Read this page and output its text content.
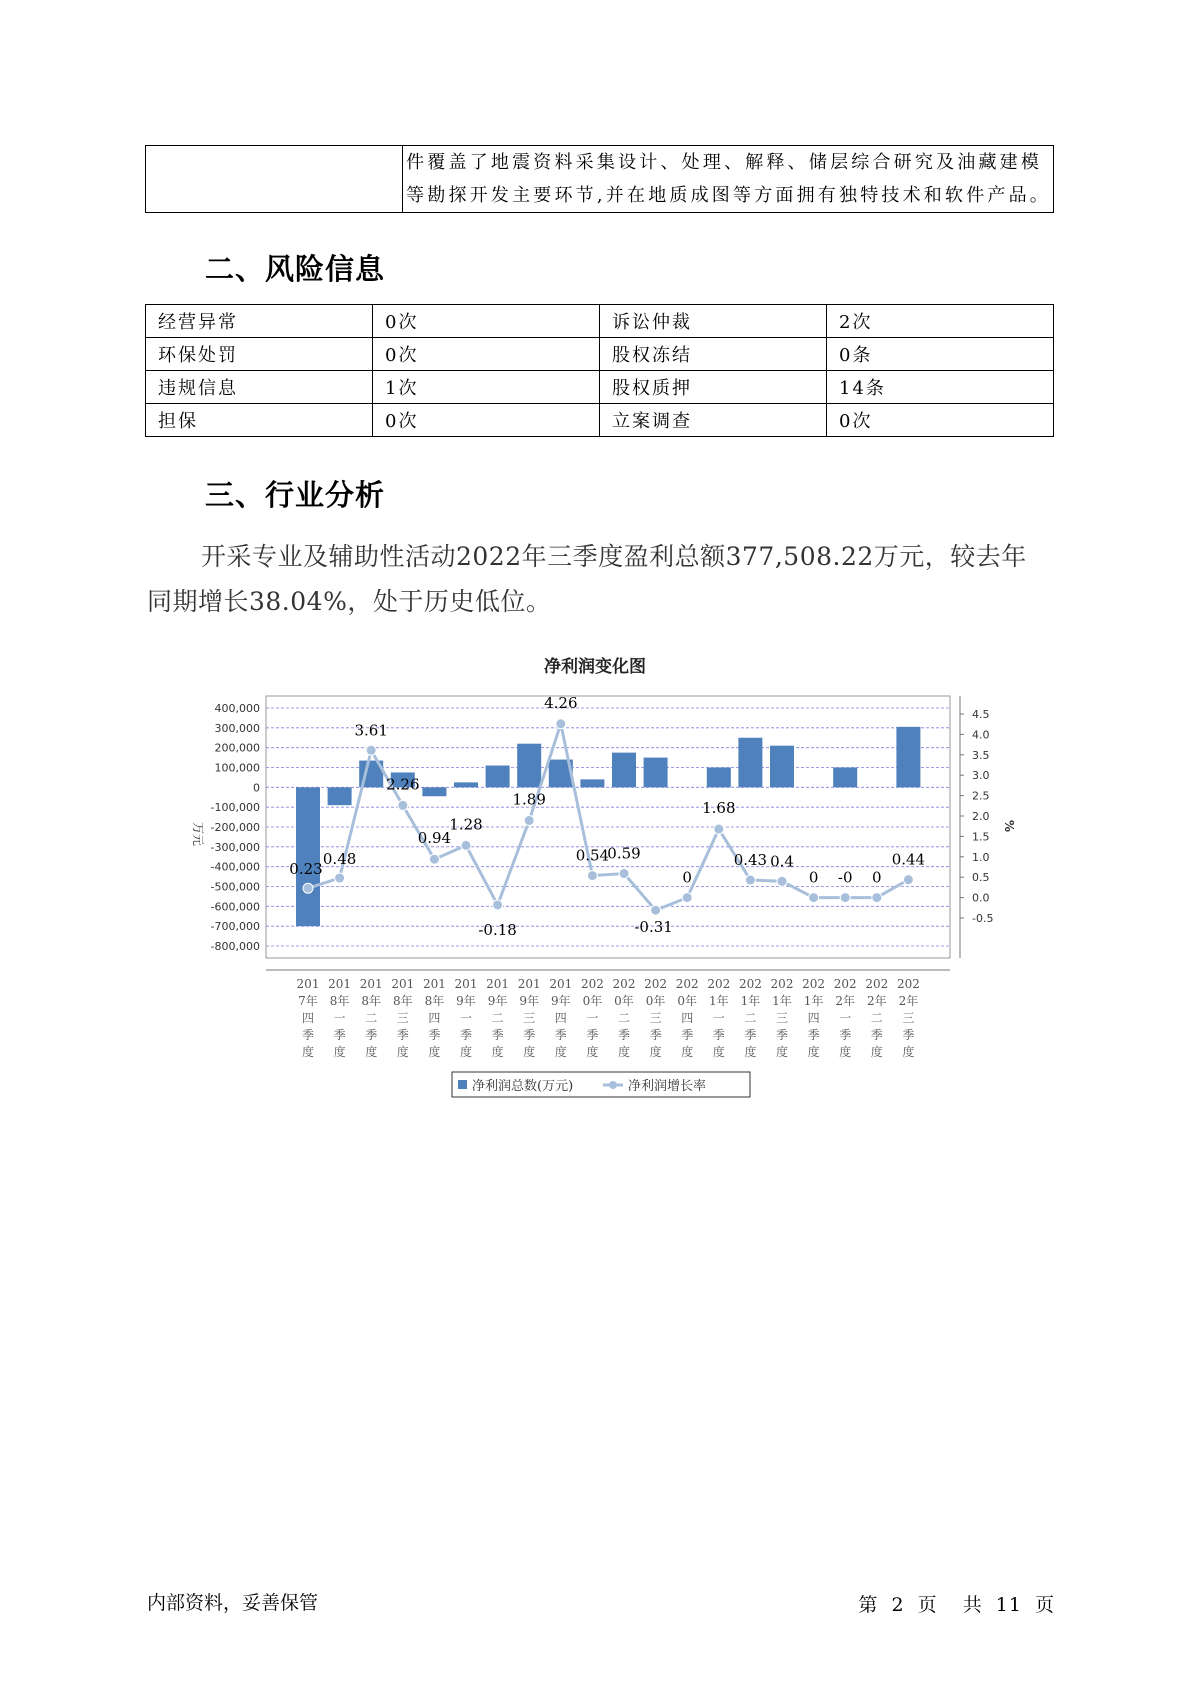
件覆盖了地震资料采集设计、处理、解释、储层综合研究及油藏建模
等勘探开发主要环节,并在地质成图等方面拥有独特技术和软件产品。
二、风险信息
经营异常	0次	诉讼仲裁	2次
环保处罚	0次	股权冻结	0条
违规信息	1次	股权质押	14条
担保	0次	立案调查	0次
三、行业分析

开采专业及辅助性活动2022年三季度盈利总额377,508.22万元，较去年同期增长38.04%，处于历史低位。

净利润变化图
400,000
300,000
200,000
100,000
0
-100,000
-200,000
-300,000
-400,000
-500,000
-600,000
-700,000
-800,000
4.5
4.0
3.5
3.0
2.5
2.0
1.5
1.0
0.5
0.0
-0.5
万元	%
0.23
0.48
3.61
2.26
0.94
1.28
-0.18
1.89
4.26
0.54
0.59
-0.31
0
1.68
0.43 0.4
0 -0 0
0.44
201
7年
四
季
度
201
8年
一
季
度
201
8年
二
季
度
201
8年
三
季
度
201
8年
四
季
度
201
9年
一
季
度
201
9年
二
季
度
201
9年
三
季
度
201
9年
四
季
度
202
0年
一
季
度
202
0年
二
季
度
202
0年
三
季
度
202
0年
四
季
度
202
1年
一
季
度
202
1年
二
季
度
202
1年
三
季
度
202
1年
四
季
度
202
2年
一
季
度
202
2年
二
季
度
202
2年
三
季
度
净利润总数(万元)	净利润增长率
内部资料，妥善保管	第 2 页 共 11 页
